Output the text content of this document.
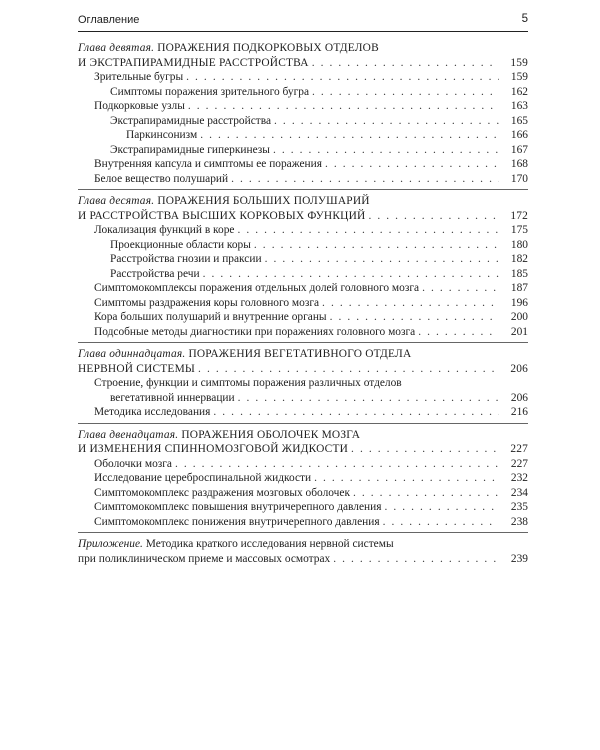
Оглавление	5
Глава девятая. ПОРАЖЕНИЯ ПОДКОРКОВЫХ ОТДЕЛОВ
И ЭКСТРАПИРАМИДНЫЕ РАССТРОЙСТВА . . .	159
Зрительные бугры . . .	159
Симптомы поражения зрительного бугра . . .	162
Подкорковые узлы . . .	163
Экстрапирамидные расстройства . . .	165
Паркинсонизм . . .	166
Экстрапирамидные гиперкинезы . . .	167
Внутренняя капсула и симптомы ее поражения . . .	168
Белое вещество полушарий . . .	170
Глава десятая. ПОРАЖЕНИЯ БОЛЬШИХ ПОЛУШАРИЙ
И РАССТРОЙСТВА ВЫСШИХ КОРКОВЫХ ФУНКЦИЙ . . .	172
Локализация функций в коре . . .	175
Проекционные области коры . . .	180
Расстройства гнозии и праксии . . .	182
Расстройства речи . . .	185
Симптомокомплексы поражения отдельных долей головного мозга . . .	187
Симптомы раздражения коры головного мозга . . .	196
Кора больших полушарий и внутренние органы . . .	200
Подсобные методы диагностики при поражениях головного мозга . . .	201
Глава одиннадцатая. ПОРАЖЕНИЯ ВЕГЕТАТИВНОГО ОТДЕЛА
НЕРВНОЙ СИСТЕМЫ . . .	206
Строение, функции и симптомы поражения различных отделов
вегетативной иннервации . . .	206
Методика исследования . . .	216
Глава двенадцатая. ПОРАЖЕНИЯ ОБОЛОЧЕК МОЗГА
И ИЗМЕНЕНИЯ СПИННОМОЗГОВОЙ ЖИДКОСТИ . . .	227
Оболочки мозга . . .	227
Исследование цереброспинальной жидкости . . .	232
Симптомокомплекс раздражения мозговых оболочек . . .	234
Симптомокомплекс повышения внутричерепного давления . . .	235
Симптомокомплекс понижения внутричерепного давления . . .	238
Приложение. Методика краткого исследования нервной системы
при поликлиническом приеме и массовых осмотрах . . .	239
